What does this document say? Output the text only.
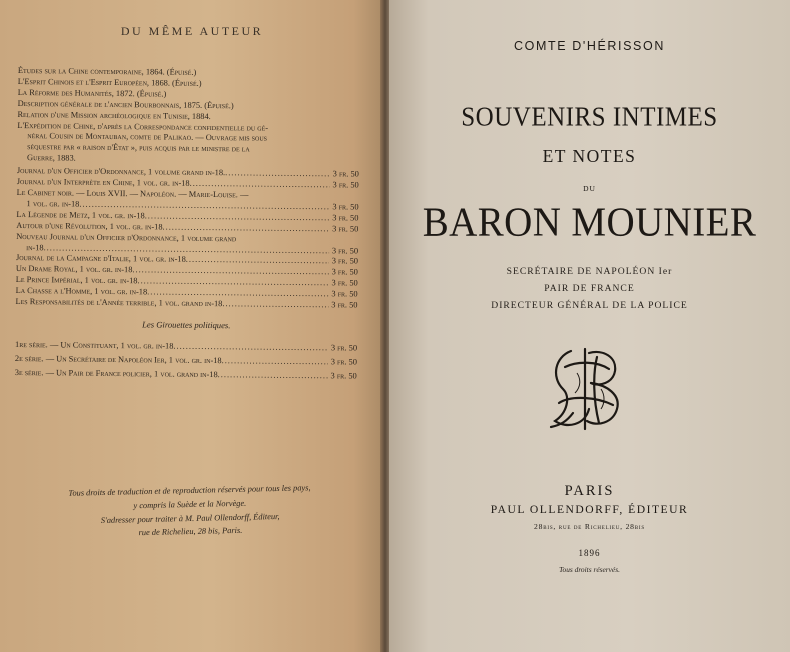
DU MÊME AUTEUR
Études sur la Chine contemporaine, 1864. (Épuisé.)
L'Esprit Chinois et l'Esprit Européen, 1868. (Épuisé.)
La Réforme des Humanités, 1872. (Épuisé.)
Description générale de l'ancien Bourbonnais, 1875. (Épuisé.)
Relation d'une Mission archéologique en Tunisie, 1884.
L'Expédition de Chine, d'après la Correspondance confidentielle du gé-
néral Cousin de Montauban, comte de Palikao. — Ouvrage mis sous
séquestre par « raison d'État », puis acquis par le ministre de la
Guerre, 1883.
Journal d'un Officier d'Ordonnance, 1 volume grand in-18. .....	3 fr. 50
Journal d'un Interprète en Chine, 1 vol. gr. in-18 .....	3 fr. 50
Le Cabinet noir. — Louis XVII. — Napoléon. — Marie-Louise. —
1 vol. gr. in-18 .....	3 fr. 50
La Légende de Metz, 1 vol. gr. in-18 .....	3 fr. 50
Autour d'une Révolution, 1 vol. gr. in-18 .....	3 fr. 50
Nouveau Journal d'un Officier d'Ordonnance, 1 volume grand
in-18 .....	3 fr. 50
Journal de la Campagne d'Italie, 1 vol. gr. in-18 .....	3 fr. 50
Un Drame Royal, 1 vol. gr. in-18 .....	3 fr. 50
Le Prince Impérial, 1 vol. gr. in-18 .....	3 fr. 50
La Chasse a l'Homme, 1 vol. gr. in-18 .....	3 fr. 50
Les Responsabilités de l'Année terrible, 1 vol. grand in-18 .....	3 fr. 50
Les Girouettes politiques.
1re série. — Un Constituant, 1 vol. gr. in-18 .....	3 fr. 50
2e série. — Un Secrétaire de Napoléon Ier, 1 vol. gr. in-18 .....	3 fr. 50
3e série. — Un Pair de France policier, 1 vol. grand in-18 .....	3 fr. 50
Tous droits de traduction et de reproduction réservés pour tous les pays,
y compris la Suède et la Norvège.
S'adresser pour traiter à M. Paul Ollendorff, Éditeur,
rue de Richelieu, 28 bis, Paris.
COMTE D'HÉRISSON
SOUVENIRS INTIMES
ET NOTES
DU
BARON MOUNIER
SECRÉTAIRE DE NAPOLÉON Ier
PAIR DE FRANCE
DIRECTEUR GÉNÉRAL DE LA POLICE
PARIS
PAUL OLLENDORFF, ÉDITEUR
28bis, rue de Richelieu, 28bis
1896
Tous droits réservés.
